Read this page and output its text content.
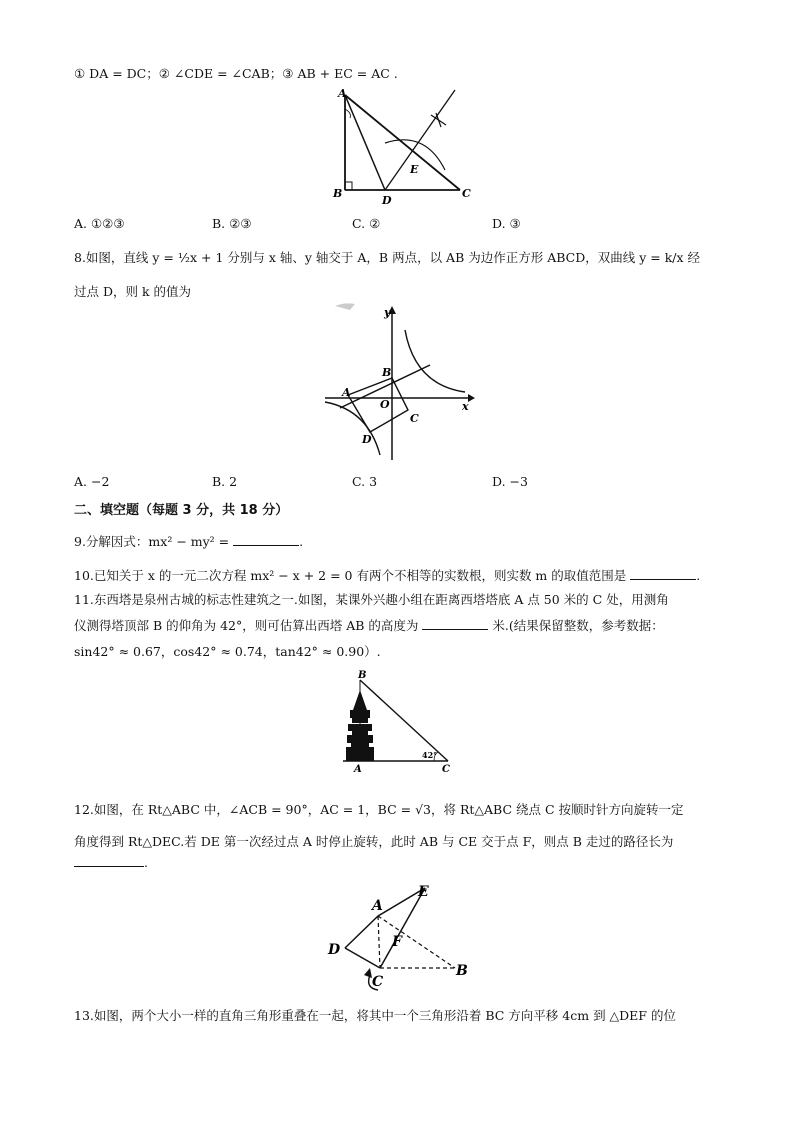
① DA = DC；② ∠CDE = ∠CAB；③ AB + EC = AC .
A
B	C
D
E
A. ①②③	B. ②③	C. ②	D. ③
8.如图，直线 y = ½x + 1 分别与 x 轴、y 轴交于 A，B 两点，以 AB 为边作正方形 ABCD，双曲线 y = k/x 经
过点 D，则 k 的值为
y
x
O
A
B
C
D
A. −2	B. 2	C. 3	D. −3
二、填空题（每题 3 分，共 18 分）
9.分解因式：mx² − my² =	.
10.已知关于 x 的一元二次方程 mx² − x + 2 = 0 有两个不相等的实数根，则实数 m 的取值范围是	.
11.东西塔是泉州古城的标志性建筑之一.如图，某课外兴趣小组在距离西塔塔底 A 点 50 米的 C 处，用测角
仪测得塔顶部 B 的仰角为 42°，则可估算出西塔 AB 的高度为	米.(结果保留整数，参考数据：
sin42° ≈ 0.67，cos42° ≈ 0.74，tan42° ≈ 0.90）.
B
A	C
42°
12.如图，在 Rt△ABC 中，∠ACB = 90°，AC = 1，BC = √3，将 Rt△ABC 绕点 C 按顺时针方向旋转一定
角度得到 Rt△DEC.若 DE 第一次经过点 A 时停止旋转，此时 AB 与 CE 交于点 F，则点 B 走过的路径长为
.
D
A
E
F
C
B
13.如图，两个大小一样的直角三角形重叠在一起，将其中一个三角形沿着 BC 方向平移 4cm 到 △DEF 的位
